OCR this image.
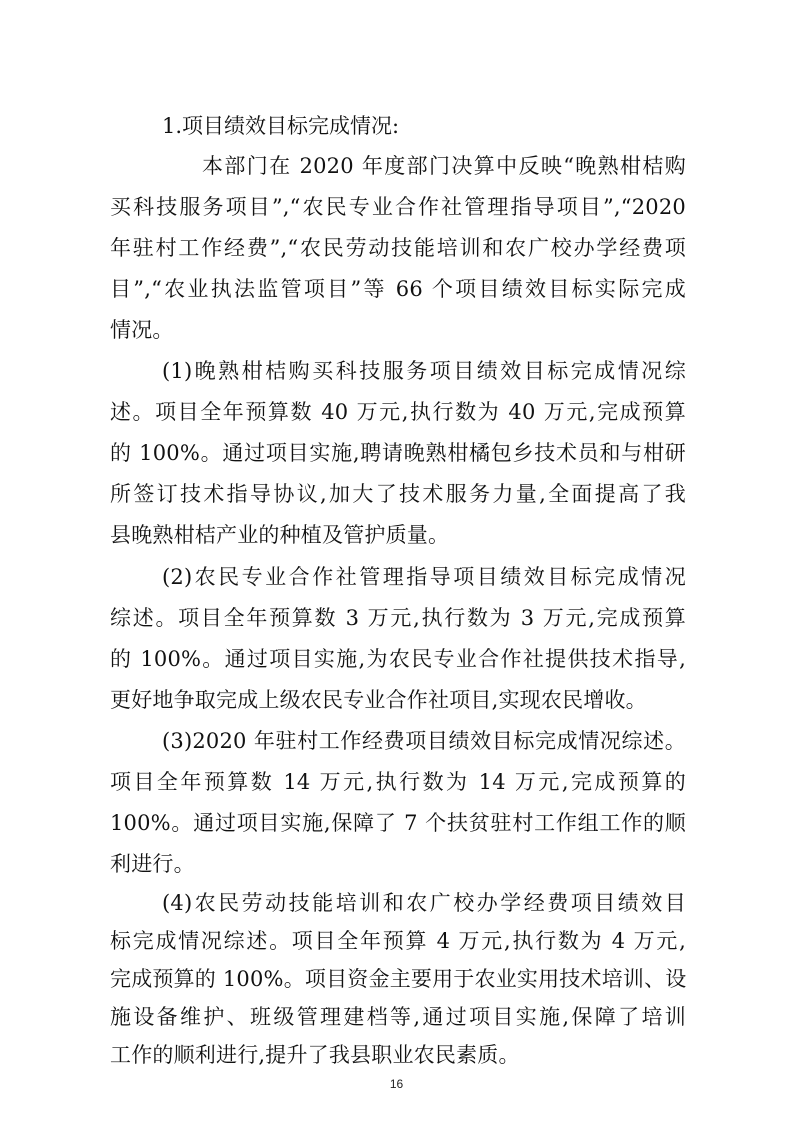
1.项目绩效目标完成情况:
本部门在 2020 年度部门决算中反映“晚熟柑桔购
买科技服务项目”,“农民专业合作社管理指导项目”,“2020
年驻村工作经费”,“农民劳动技能培训和农广校办学经费项
目”,“农业执法监管项目”等 66 个项目绩效目标实际完成
情况。
(1)晚熟柑桔购买科技服务项目绩效目标完成情况综
述。项目全年预算数 40 万元,执行数为 40 万元,完成预算
的 100%。通过项目实施,聘请晚熟柑橘包乡技术员和与柑研
所签订技术指导协议,加大了技术服务力量,全面提高了我
县晚熟柑桔产业的种植及管护质量。
(2)农民专业合作社管理指导项目绩效目标完成情况
综述。项目全年预算数 3 万元,执行数为 3 万元,完成预算
的 100%。通过项目实施,为农民专业合作社提供技术指导,
更好地争取完成上级农民专业合作社项目,实现农民增收。
(3)2020 年驻村工作经费项目绩效目标完成情况综述。
项目全年预算数 14 万元,执行数为 14 万元,完成预算的
100%。通过项目实施,保障了 7 个扶贫驻村工作组工作的顺
利进行。
(4)农民劳动技能培训和农广校办学经费项目绩效目
标完成情况综述。项目全年预算 4 万元,执行数为 4 万元,
完成预算的 100%。项目资金主要用于农业实用技术培训、设
施设备维护、班级管理建档等,通过项目实施,保障了培训
16
工作的顺利进行,提升了我县职业农民素质。
